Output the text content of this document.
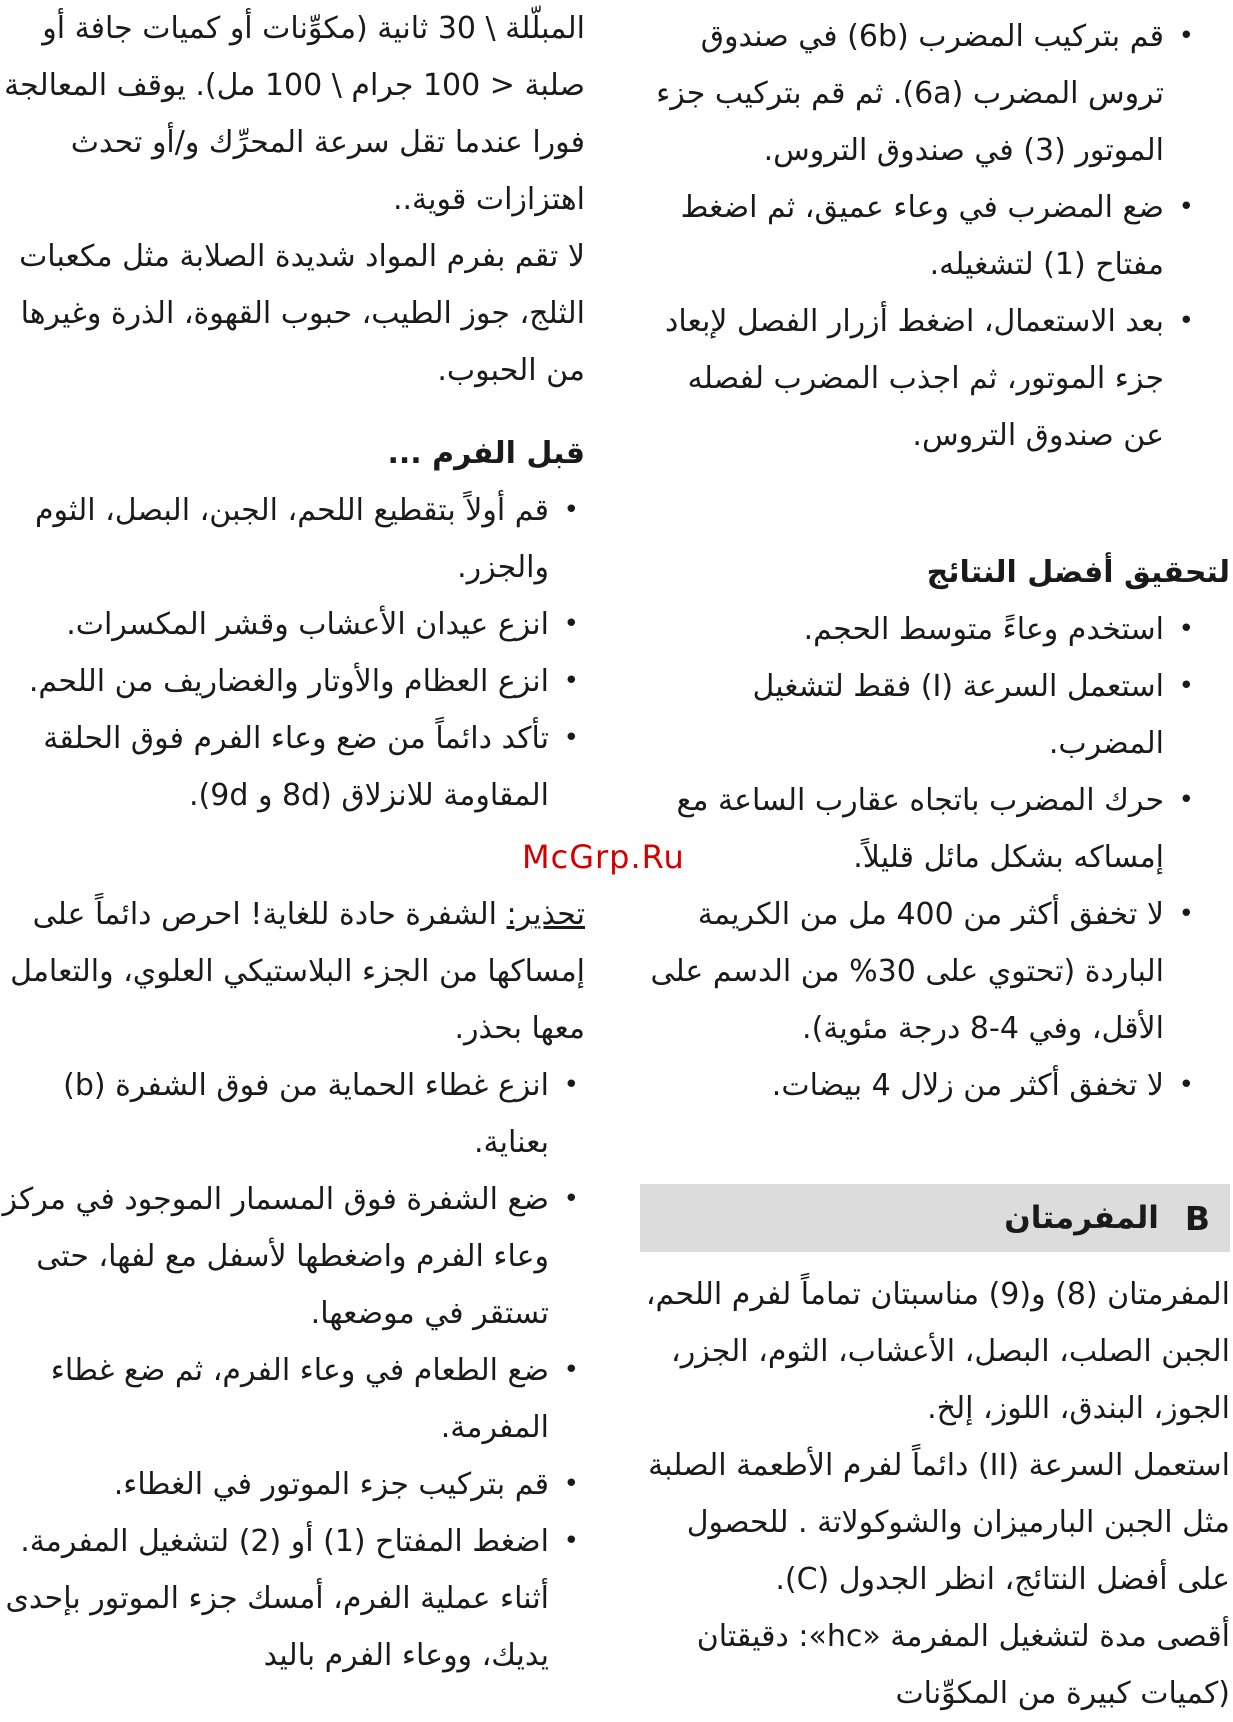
• قم بتركيب المضرب (6b) في صندوق تروس المضرب (6a). ثم قم بتركيب جزء الموتور (3) في صندوق التروس.
• ضع المضرب في وعاء عميق، ثم اضغط مفتاح (1) لتشغيله.
• بعد الاستعمال، اضغط أزرار الفصل لإبعاد جزء الموتور، ثم اجذب المضرب لفصله عن صندوق التروس.
لتحقيق أفضل النتائج
• استخدم وعاءً متوسط الحجم.
• استعمل السرعة (I) فقط لتشغيل المضرب.
• حرك المضرب باتجاه عقارب الساعة مع إمساكه بشكل مائل قليلاً.
• لا تخفق أكثر من 400 مل من الكريمة الباردة (تحتوي على 30% من الدسم على الأقل، وفي 4-8 درجة مئوية).
• لا تخفق أكثر من زلال 4 بيضات.
B
المفرمتان

المفرمتان (8) و(9) مناسبتان تماماً لفرم اللحم، الجبن الصلب، البصل، الأعشاب، الثوم، الجزر، الجوز، البندق، اللوز، إلخ.

استعمل السرعة (II) دائماً لفرم الأطعمة الصلبة مثل الجبن البارميزان والشوكولاتة . للحصول على أفضل النتائج، انظر الجدول (C).

أقصى مدة لتشغيل المفرمة «hc»: دقيقتان (كميات كبيرة من المكوِّنات

المبلّلة \ 30 ثانية (مكوِّنات أو كميات جافة أو صلبة < 100 جرام \ 100 مل). يوقف المعالجة فورا عندما تقل سرعة المحرِّك و/أو تحدث اهتزازات قوية..

لا تقم بفرم المواد شديدة الصلابة مثل مكعبات الثلج، جوز الطيب، حبوب القهوة، الذرة وغيرها من الحبوب.

قبل الفرم ...
• قم أولاً بتقطيع اللحم، الجبن، البصل، الثوم والجزر.
• انزع عيدان الأعشاب وقشر المكسرات.
• انزع العظام والأوتار والغضاريف من اللحم.
• تأكد دائماً من ضع وعاء الفرم فوق الحلقة المقاومة للانزلاق (8d و 9d).

تحذير: الشفرة حادة للغاية! احرص دائماً على إمساكها من الجزء البلاستيكي العلوي، والتعامل معها بحذر.

• انزع غطاء الحماية من فوق الشفرة (b) بعناية.
• ضع الشفرة فوق المسمار الموجود في مركز وعاء الفرم واضغطها لأسفل مع لفها، حتى تستقر في موضعها.
• ضع الطعام في وعاء الفرم، ثم ضع غطاء المفرمة.
• قم بتركيب جزء الموتور في الغطاء.
• اضغط المفتاح (1) أو (2) لتشغيل المفرمة. أثناء عملية الفرم، أمسك جزء الموتور بإحدى يديك، ووعاء الفرم باليد
McGrp.Ru
